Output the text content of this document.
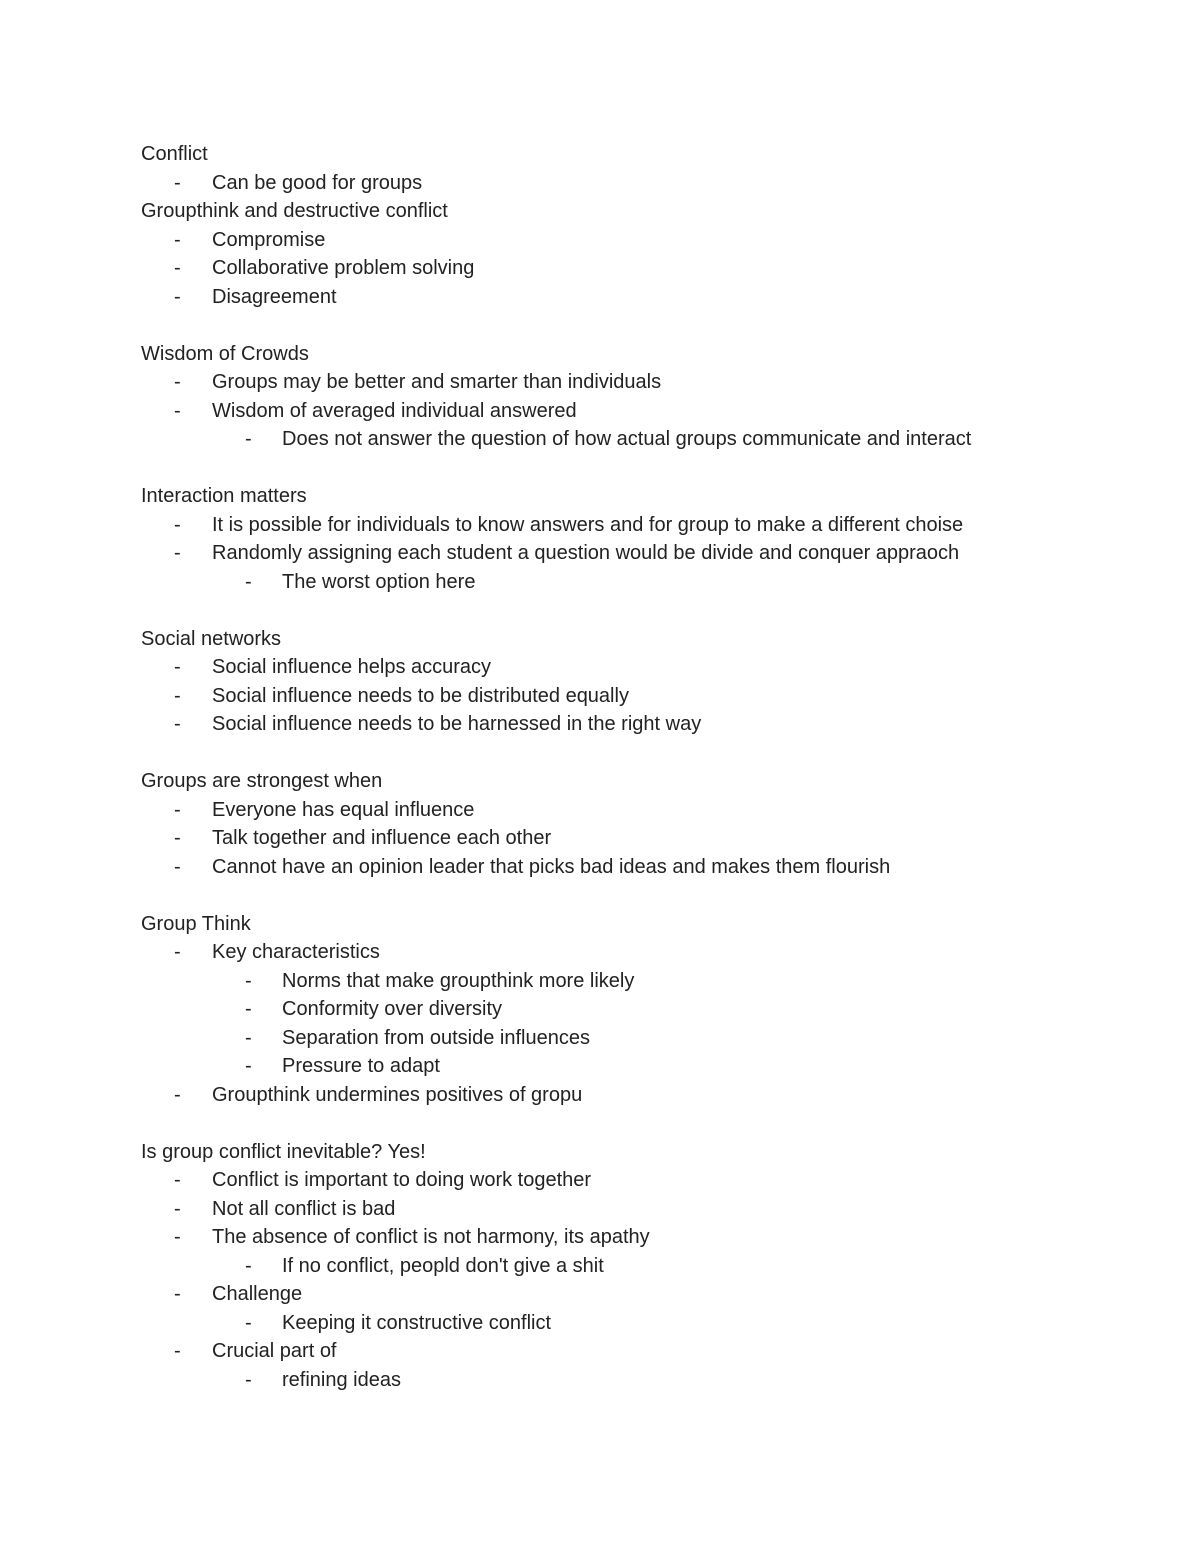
Conflict
- Can be good for groups
Groupthink and destructive conflict
- Compromise
- Collaborative problem solving
- Disagreement
Wisdom of Crowds
- Groups may be better and smarter than individuals
- Wisdom of averaged individual answered
- Does not answer the question of how actual groups communicate and interact
Interaction matters
- It is possible for individuals to know answers and for group to make a different choise
- Randomly assigning each student a question would be divide and conquer appraoch
- The worst option here
Social networks
- Social influence helps accuracy
- Social influence needs to be distributed equally
- Social influence needs to be harnessed in the right way
Groups are strongest when
- Everyone has equal influence
- Talk together and influence each other
- Cannot have an opinion leader that picks bad ideas and makes them flourish
Group Think
- Key characteristics
- Norms that make groupthink more likely
- Conformity over diversity
- Separation from outside influences
- Pressure to adapt
- Groupthink undermines positives of gropu
Is group conflict inevitable? Yes!
- Conflict is important to doing work together
- Not all conflict is bad
- The absence of conflict is not harmony, its apathy
- If no conflict, peopld don't give a shit
- Challenge
- Keeping it constructive conflict
- Crucial part of
- refining ideas
